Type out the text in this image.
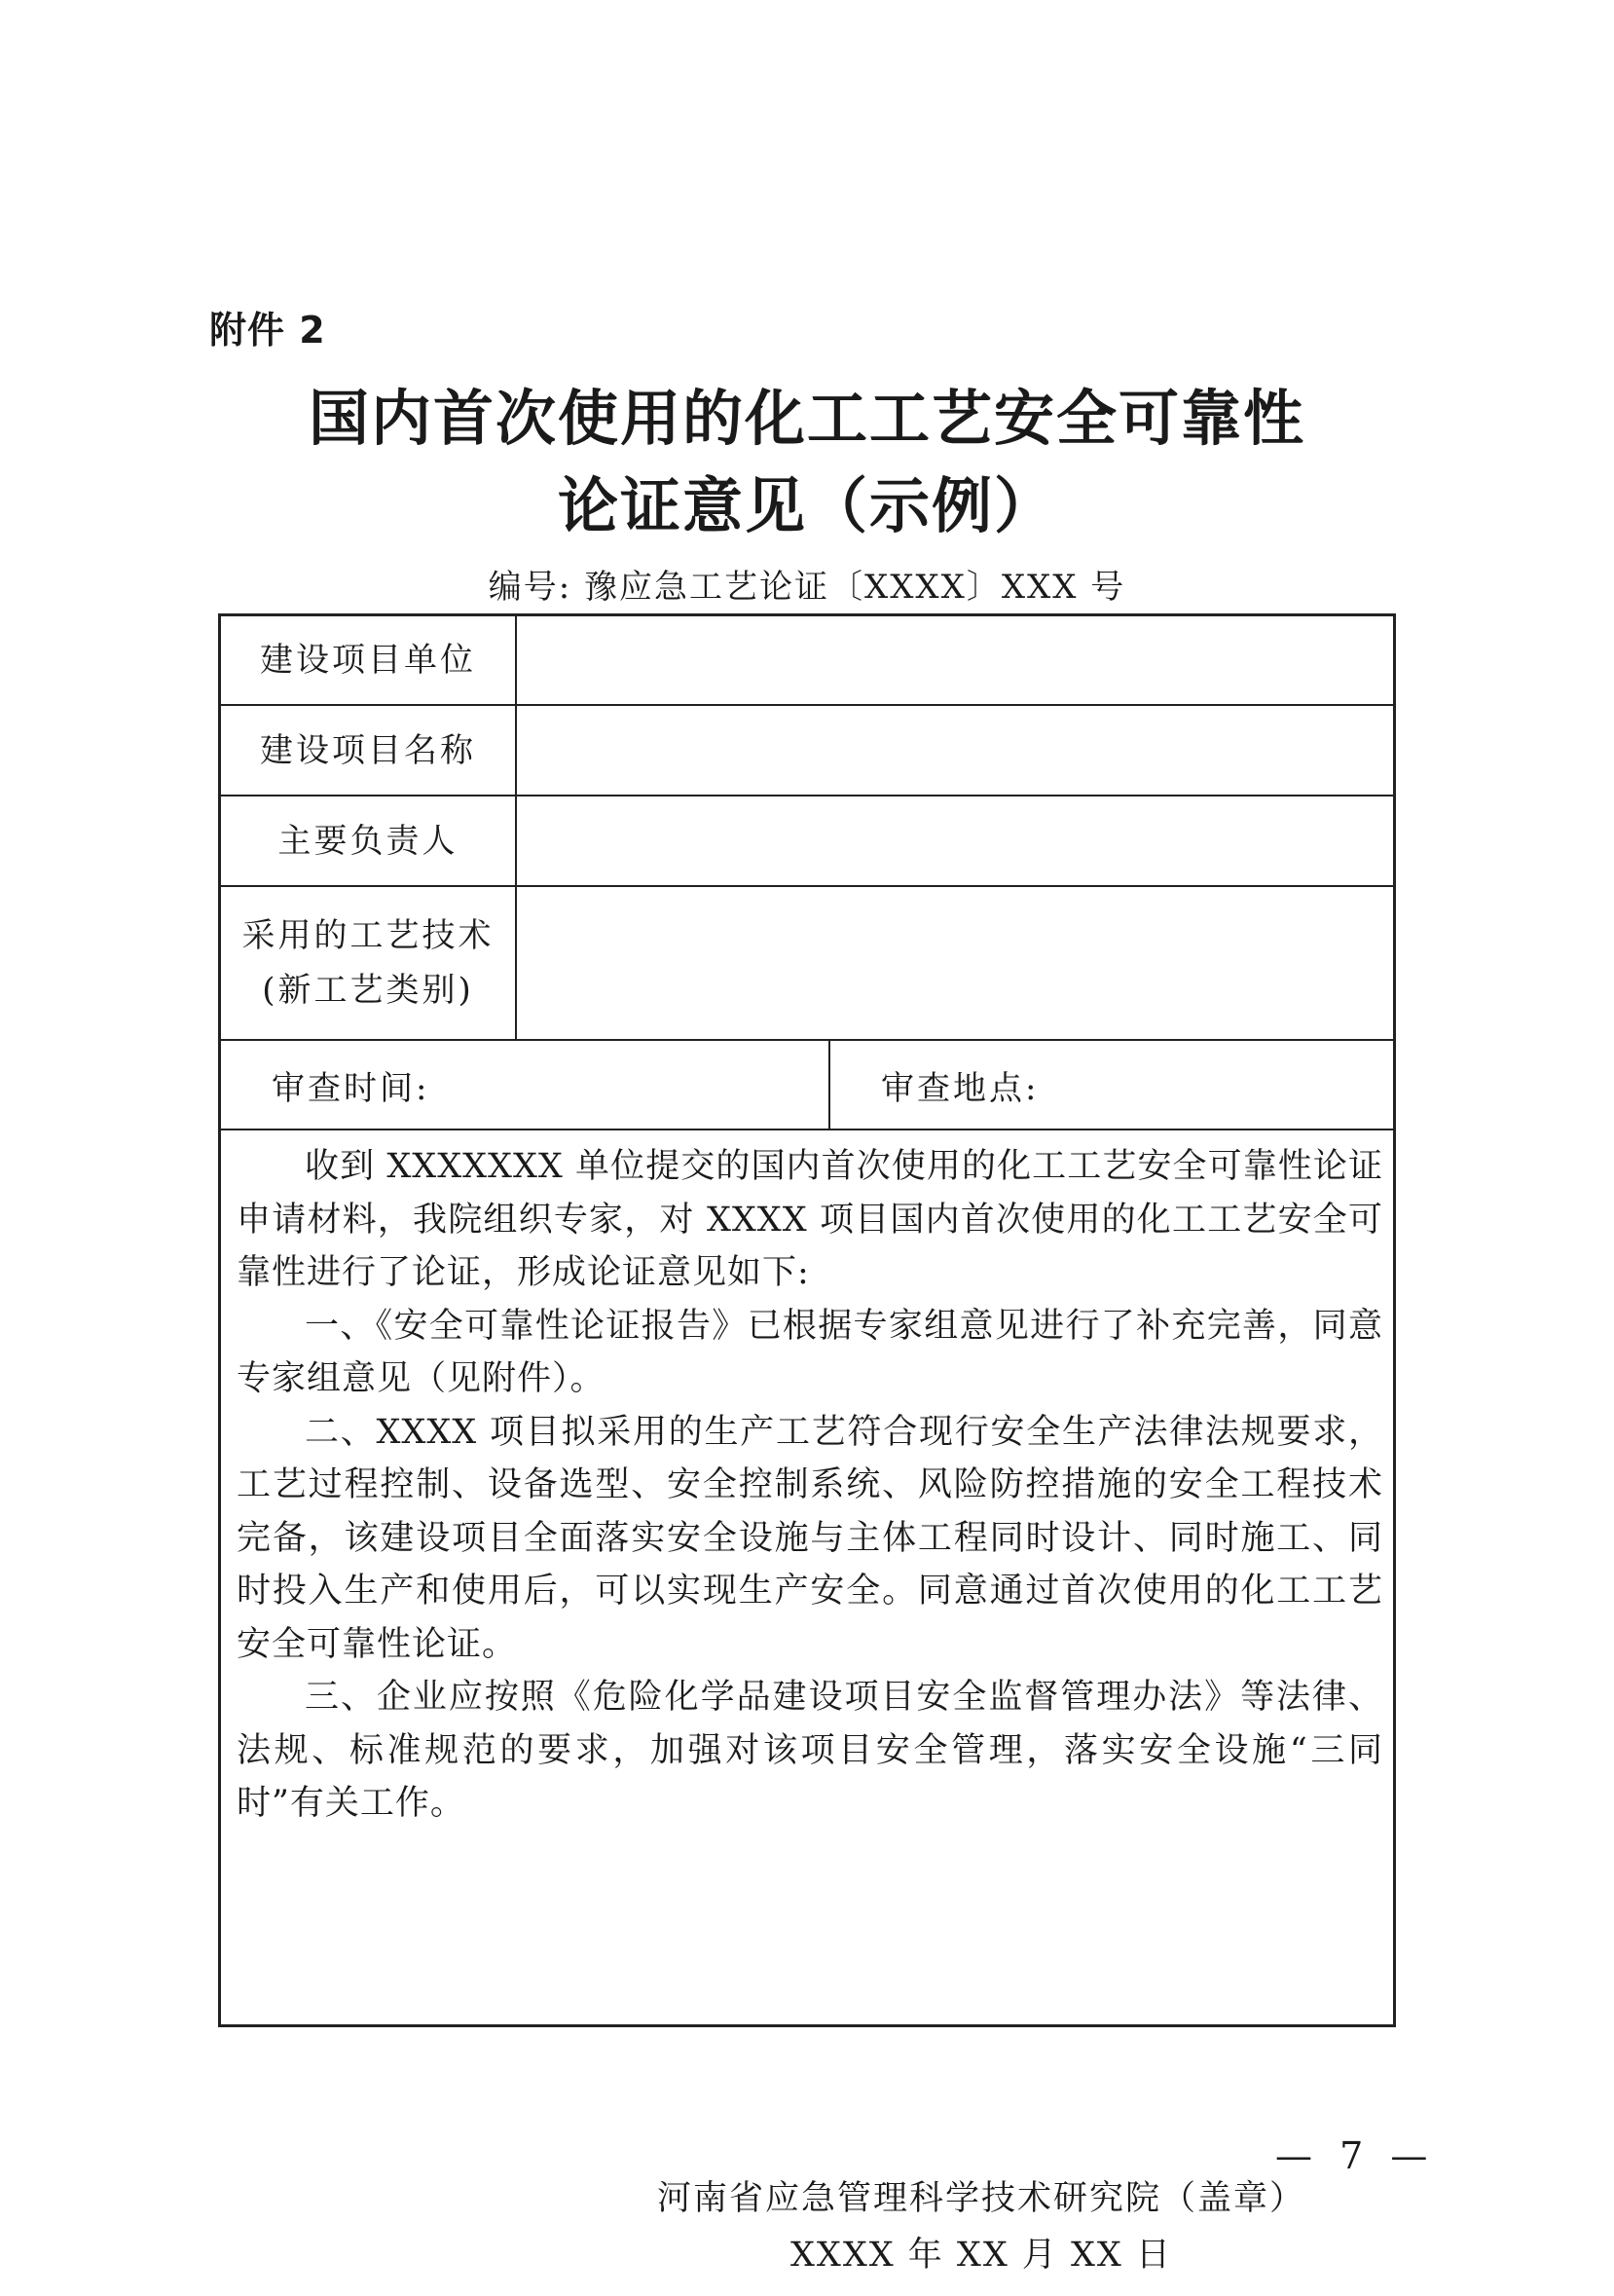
附件 2
国内首次使用的化工工艺安全可靠性
论证意见（示例）
编号: 豫应急工艺论证〔XXXX〕XXX 号
建设项目单位
建设项目名称
主要负责人
采用的工艺技术
(新工艺类别)
审查时间:	审查地点:

收到 XXXXXXX 单位提交的国内首次使用的化工工艺安全可靠性论证申请材料，我院组织专家，对 XXXX 项目国内首次使用的化工工艺安全可靠性进行了论证，形成论证意见如下:

一、《安全可靠性论证报告》已根据专家组意见进行了补充完善，同意专家组意见（见附件）。

二、XXXX 项目拟采用的生产工艺符合现行安全生产法律法规要求，工艺过程控制、设备选型、安全控制系统、风险防控措施的安全工程技术完备，该建设项目全面落实安全设施与主体工程同时设计、同时施工、同时投入生产和使用后，可以实现生产安全。同意通过首次使用的化工工艺安全可靠性论证。

三、企业应按照《危险化学品建设项目安全监督管理办法》等法律、法规、标准规范的要求，加强对该项目安全管理，落实安全设施“三同时”有关工作。

河南省应急管理科学技术研究院（盖章）
XXXX 年 XX 月 XX 日
— 7 —
